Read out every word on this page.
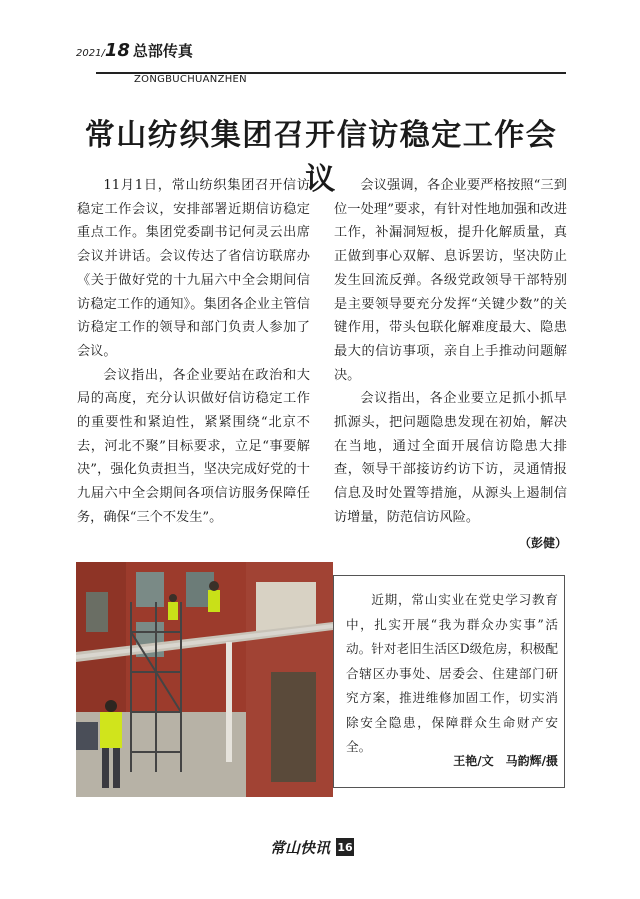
2021/18 总部传真
ZONGBUCHUANZHEN
常山纺织集团召开信访稳定工作会议

11月1日，常山纺织集团召开信访稳定工作会议，安排部署近期信访稳定重点工作。集团党委副书记何灵云出席会议并讲话。会议传达了省信访联席办《关于做好党的十九届六中全会期间信访稳定工作的通知》。集团各企业主管信访稳定工作的领导和部门负责人参加了会议。

会议指出，各企业要站在政治和大局的高度，充分认识做好信访稳定工作的重要性和紧迫性，紧紧围绕“北京不去，河北不聚”目标要求，立足“事要解决”，强化负责担当，坚决完成好党的十九届六中全会期间各项信访服务保障任务，确保“三个不发生”。

会议强调，各企业要严格按照“三到位一处理”要求，有针对性地加强和改进工作，补漏洞短板，提升化解质量，真正做到事心双解、息诉罢访，坚决防止发生回流反弹。各级党政领导干部特别是主要领导要充分发挥“关键少数”的关键作用，带头包联化解难度最大、隐患最大的信访事项，亲自上手推动问题解决。

会议指出，各企业要立足抓小抓早抓源头，把问题隐患发现在初始，解决在当地，通过全面开展信访隐患大排查，领导干部接访约访下访，灵通情报信息及时处置等措施，从源头上遏制信访增量，防范信访风险。

（彭健）

近期，常山实业在党史学习教育中，扎实开展“我为群众办实事”活动。针对老旧生活区D级危房，积极配合辖区办事处、居委会、住建部门研究方案，推进维修加固工作，切实消除安全隐患，保障群众生命财产安全。

王艳/文　马韵辉/摄
常山快讯 16
